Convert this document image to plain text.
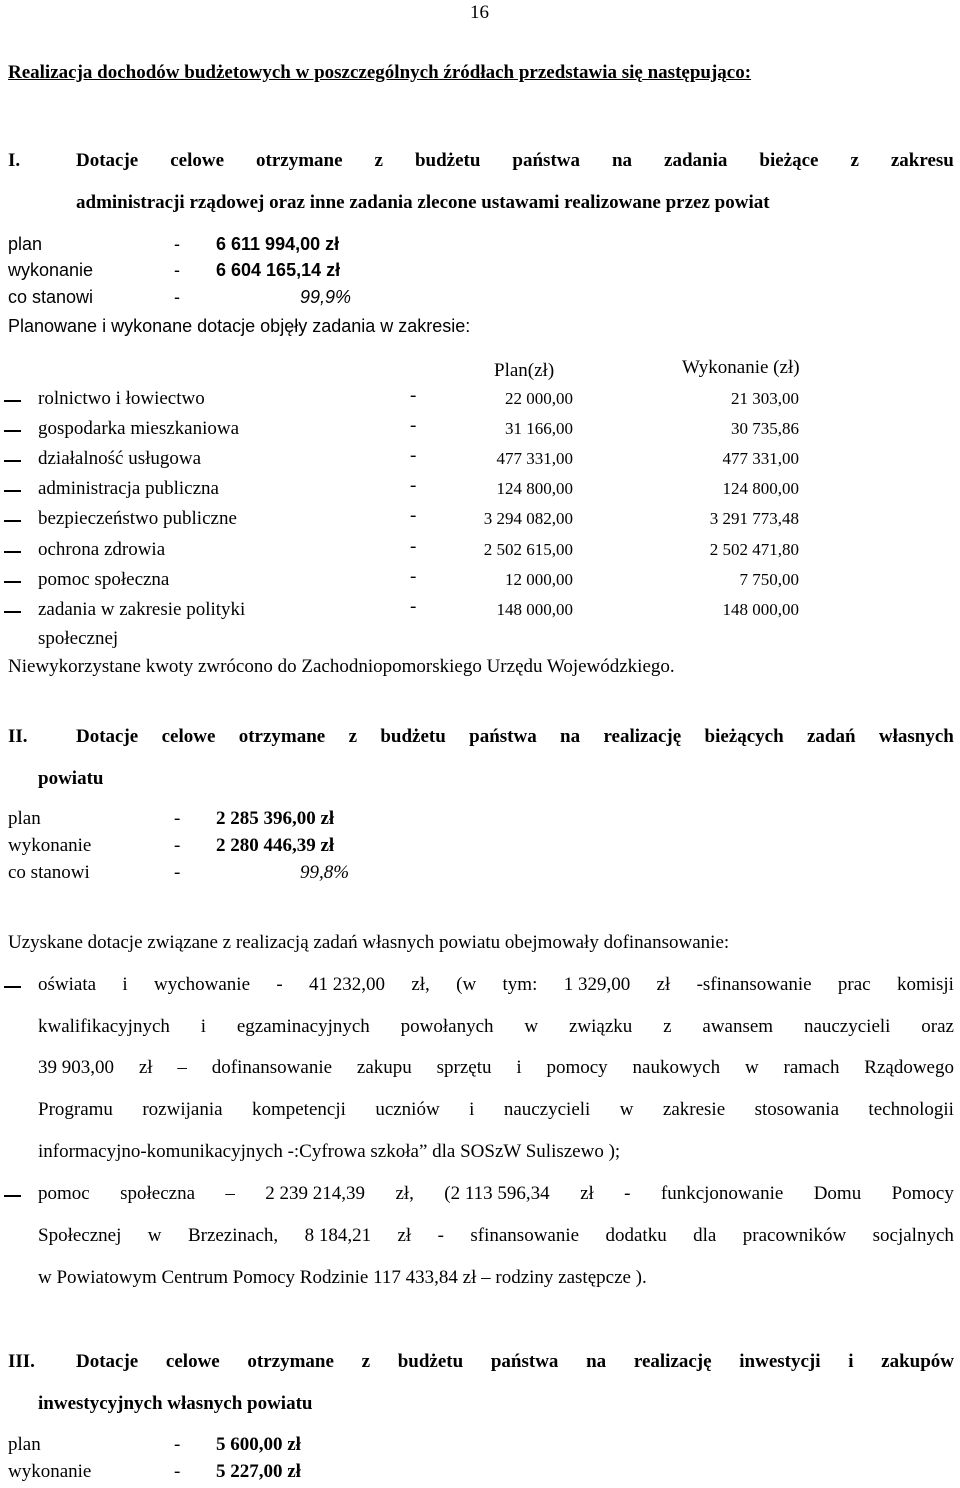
16
Realizacja dochodów budżetowych w poszczególnych źródłach przedstawia się następująco:
I.	Dotacje celowe otrzymane z budżetu państwa na zadania bieżące z zakresu
administracji rządowej oraz inne zadania zlecone ustawami realizowane przez powiat
plan	- 6 611 994,00 zł
wykonanie	- 6 604 165,14 zł
co stanowi	-	99,9%
Planowane i wykonane dotacje objęły zadania w zakresie:
Plan(zł)	Wykonanie (zł)
rolnictwo i łowiectwo	-	22 000,00	21 303,00
gospodarka mieszkaniowa	-	31 166,00	30 735,86
działalność usługowa	-	477 331,00	477 331,00
administracja publiczna	-	124 800,00	124 800,00
bezpieczeństwo publiczne	-	3 294 082,00	3 291 773,48
ochrona zdrowia	-	2 502 615,00	2 502 471,80
pomoc społeczna	-	12 000,00	7 750,00
zadania w zakresie polityki	-	148 000,00	148 000,00
społecznej
Niewykorzystane kwoty zwrócono do Zachodniopomorskiego Urzędu Wojewódzkiego.
II.	Dotacje celowe otrzymane z budżetu państwa na realizację bieżących zadań własnych
powiatu
plan	- 2 285 396,00 zł
wykonanie	- 2 280 446,39 zł
co stanowi	-	99,8%
Uzyskane dotacje związane z realizacją zadań własnych powiatu obejmowały dofinansowanie:
oświata i wychowanie - 41 232,00 zł, (w tym: 1 329,00 zł -sfinansowanie prac komisji
kwalifikacyjnych i egzaminacyjnych powołanych w związku z awansem nauczycieli oraz
39 903,00 zł – dofinansowanie zakupu sprzętu i pomocy naukowych w ramach Rządowego
Programu rozwijania kompetencji uczniów i nauczycieli w zakresie stosowania technologii
informacyjno-komunikacyjnych -:Cyfrowa szkoła” dla SOSzW Suliszewo );
pomoc społeczna – 2 239 214,39 zł, (2 113 596,34 zł - funkcjonowanie Domu Pomocy
Społecznej w Brzezinach, 8 184,21 zł - sfinansowanie dodatku dla pracowników socjalnych
w Powiatowym Centrum Pomocy Rodzinie 117 433,84 zł – rodziny zastępcze ).
III. Dotacje celowe otrzymane z budżetu państwa na realizację inwestycji i zakupów
inwestycyjnych własnych powiatu
plan	- 5 600,00 zł
wykonanie	- 5 227,00 zł
